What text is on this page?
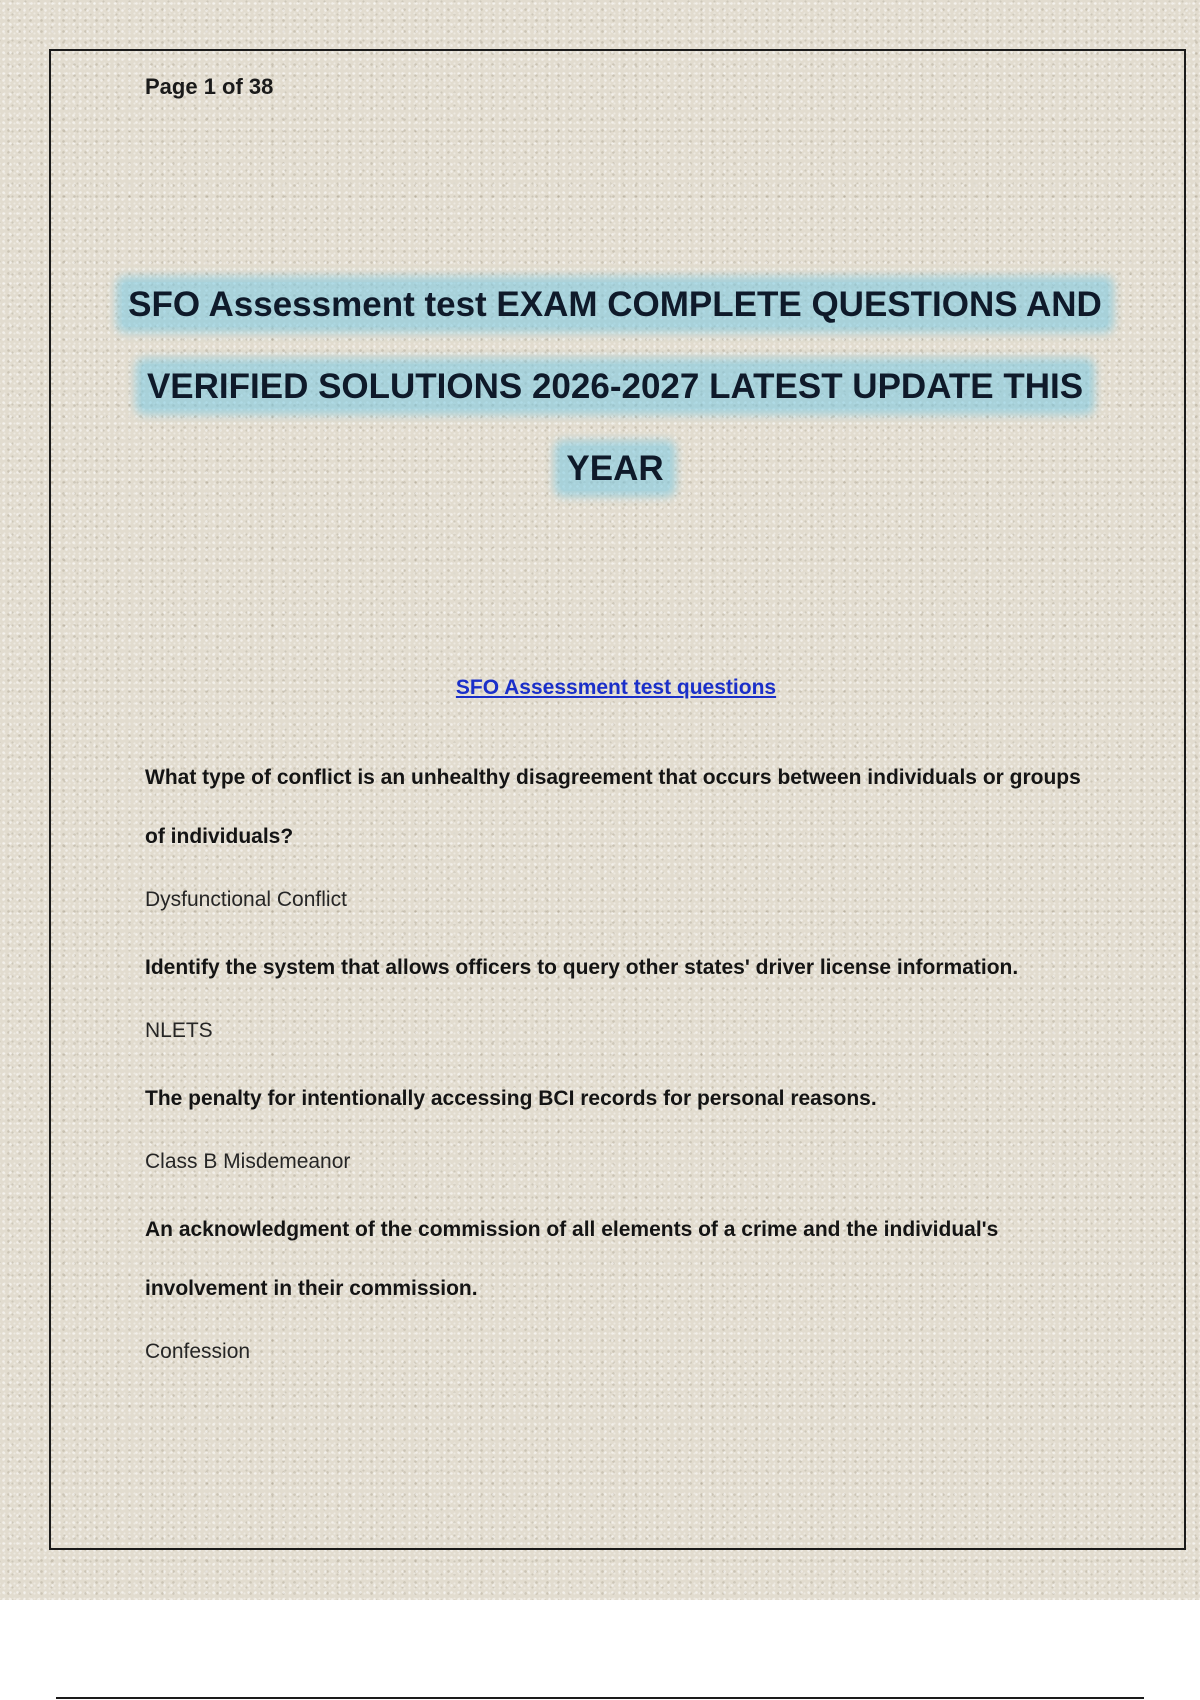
Page 1 of 38
SFO Assessment test EXAM COMPLETE QUESTIONS AND
VERIFIED SOLUTIONS 2026-2027 LATEST UPDATE THIS
YEAR
SFO Assessment test questions

What type of conflict is an unhealthy disagreement that occurs between individuals or groups of individuals?

Dysfunctional Conflict

Identify the system that allows officers to query other states' driver license information.

NLETS

The penalty for intentionally accessing BCI records for personal reasons.

Class B Misdemeanor

An acknowledgment of the commission of all elements of a crime and the individual's involvement in their commission.

Confession
